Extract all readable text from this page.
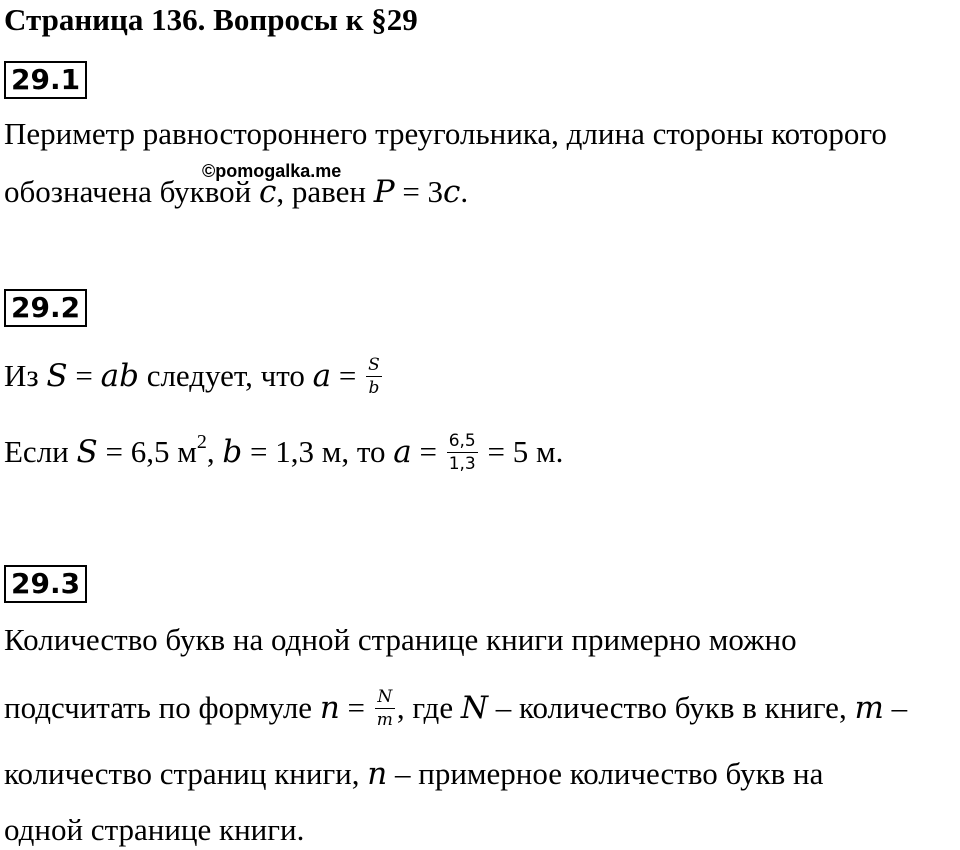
Страница 136. Вопросы к §29
29.1
Периметр равностороннего треугольника, длина стороны которого
обозначена буквой c, равен P = 3c.
©pomogalka.me
29.2
Из S = ab следует, что $a = \frac{S}{b}$
Если S = 6,5 $м^2$, b = 1,3 м, то $a = \frac{6,5}{1,3} = 5$ м.
29.3
Количество букв на одной странице книги примерно можно
подсчитать по формуле $n = \frac{N}{m}$ , где N – количество букв в книге, m –
количество страниц книги, n – примерное количество букв на
одной странице книги.
